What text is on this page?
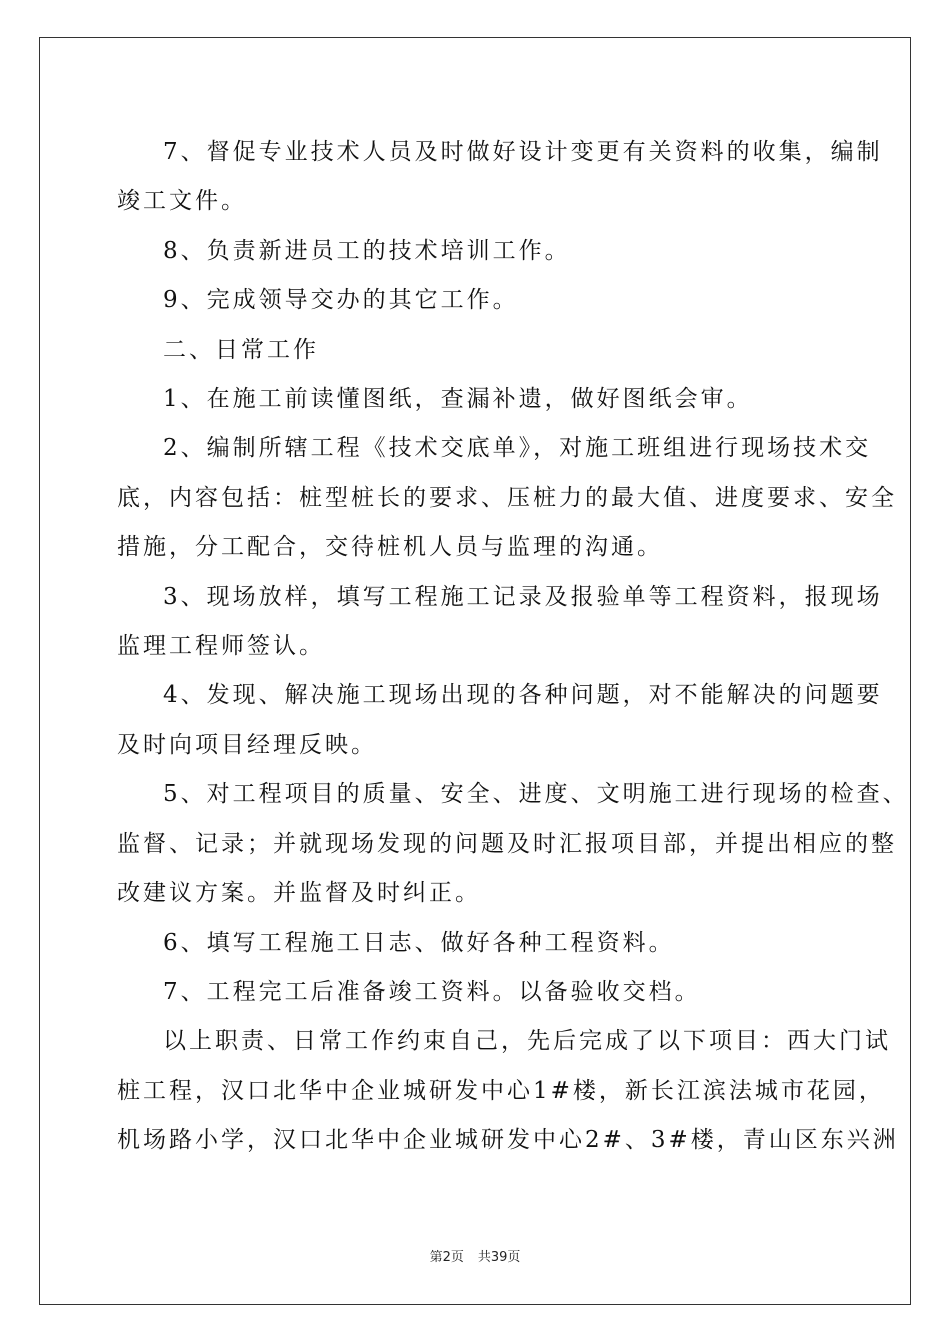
7、督促专业技术人员及时做好设计变更有关资料的收集，编制

竣工文件。

8、负责新进员工的技术培训工作。

9、完成领导交办的其它工作。

二、日常工作

1、在施工前读懂图纸，查漏补遗，做好图纸会审。

2、编制所辖工程《技术交底单》，对施工班组进行现场技术交

底，内容包括：桩型桩长的要求、压桩力的最大值、进度要求、安全

措施，分工配合，交待桩机人员与监理的沟通。

3、现场放样，填写工程施工记录及报验单等工程资料，报现场

监理工程师签认。

4、发现、解决施工现场出现的各种问题，对不能解决的问题要

及时向项目经理反映。

5、对工程项目的质量、安全、进度、文明施工进行现场的检查、

监督、记录；并就现场发现的问题及时汇报项目部，并提出相应的整

改建议方案。并监督及时纠正。

6、填写工程施工日志、做好各种工程资料。

7、工程完工后准备竣工资料。以备验收交档。

以上职责、日常工作约束自己，先后完成了以下项目：西大门试

桩工程，汉口北华中企业城研发中心1#楼，新长江滨法城市花园，

机场路小学，汉口北华中企业城研发中心2#、3#楼，青山区东兴洲

第2页 共39页
